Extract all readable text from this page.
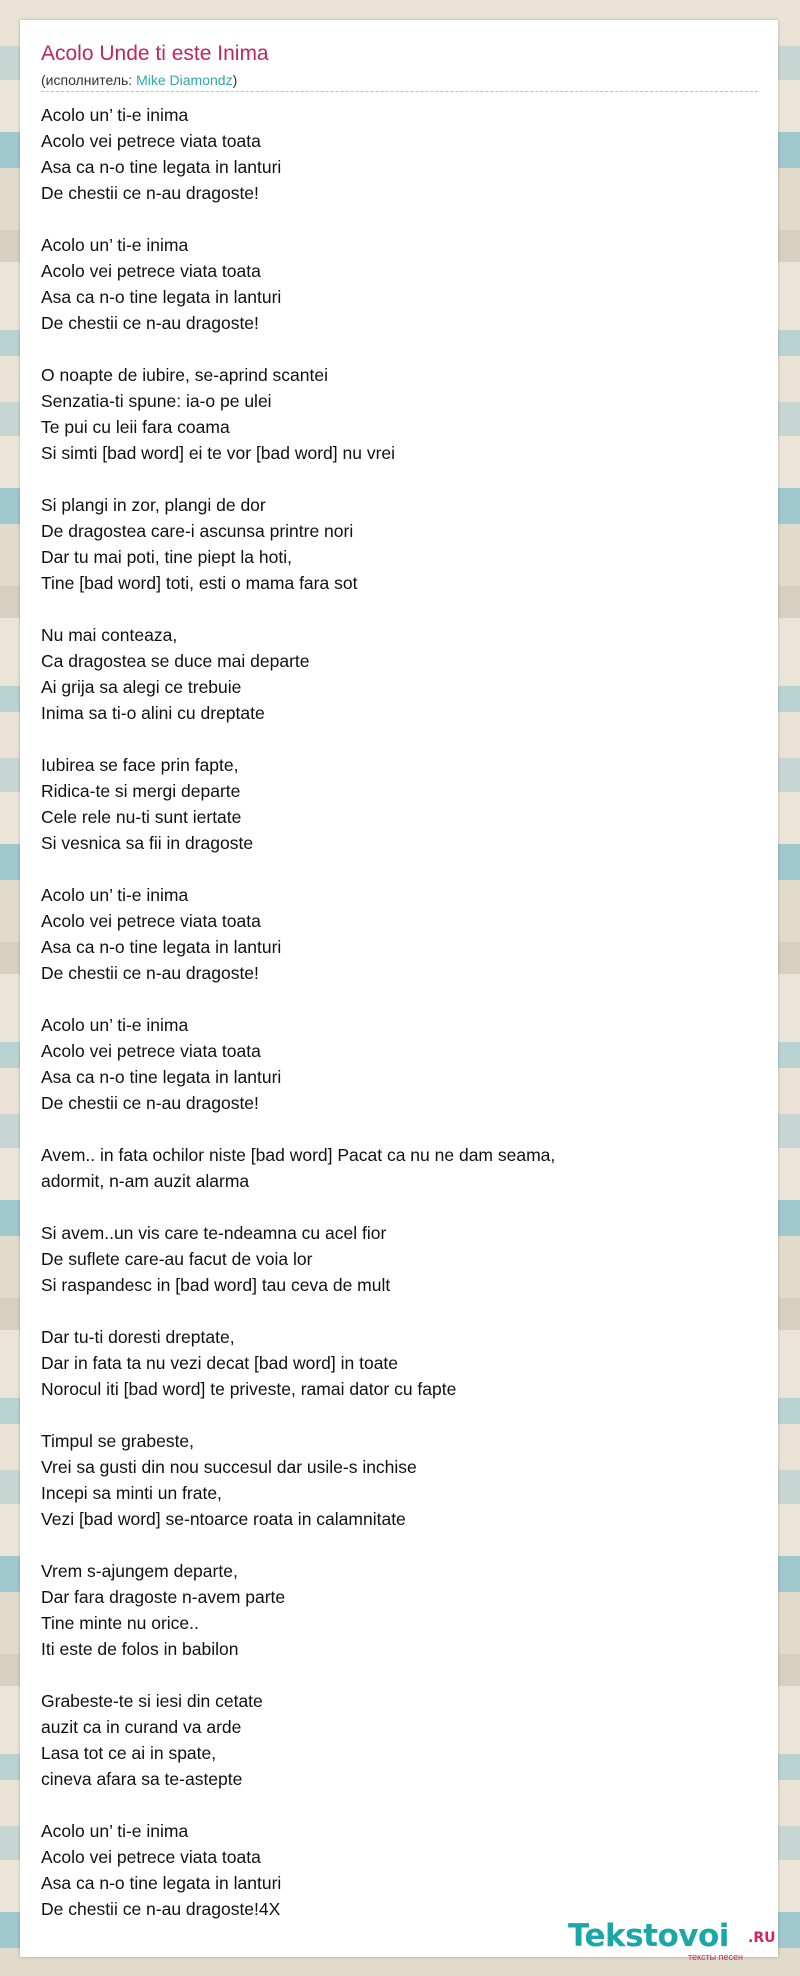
Acolo Unde ti este Inima
(исполнитель: Mike Diamondz)
Acolo un’ ti-e inima
Acolo vei petrece viata toata
Asa ca n-o tine legata in lanturi
De chestii ce n-au dragoste!
Acolo un’ ti-e inima
Acolo vei petrece viata toata
Asa ca n-o tine legata in lanturi
De chestii ce n-au dragoste!
O noapte de iubire, se-aprind scantei
Senzatia-ti spune: ia-o pe ulei
Te pui cu leii fara coama
Si simti [bad word] ei te vor [bad word] nu vrei
Si plangi in zor, plangi de dor
De dragostea care-i ascunsa printre nori
Dar tu mai poti, tine piept la hoti,
Tine [bad word] toti, esti o mama fara sot
Nu mai conteaza,
Ca dragostea se duce mai departe
Ai grija sa alegi ce trebuie
Inima sa ti-o alini cu dreptate
Iubirea se face prin fapte,
Ridica-te si mergi departe
Cele rele nu-ti sunt iertate
Si vesnica sa fii in dragoste
Acolo un’ ti-e inima
Acolo vei petrece viata toata
Asa ca n-o tine legata in lanturi
De chestii ce n-au dragoste!
Acolo un’ ti-e inima
Acolo vei petrece viata toata
Asa ca n-o tine legata in lanturi
De chestii ce n-au dragoste!
Avem.. in fata ochilor niste [bad word] Pacat ca nu ne dam seama,
adormit, n-am auzit alarma
Si avem..un vis care te-ndeamna cu acel fior
De suflete care-au facut de voia lor
Si raspandesc in [bad word] tau ceva de mult
Dar tu-ti doresti dreptate,
Dar in fata ta nu vezi decat [bad word] in toate
Norocul iti [bad word] te priveste, ramai dator cu fapte
Timpul se grabeste,
Vrei sa gusti din nou succesul dar usile-s inchise
Incepi sa minti un frate,
Vezi [bad word] se-ntoarce roata in calamnitate
Vrem s-ajungem departe,
Dar fara dragoste n-avem parte
Tine minte nu orice..
Iti este de folos in babilon
Grabeste-te si iesi din cetate
auzit ca in curand va arde
Lasa tot ce ai in spate,
cineva afara sa te-astepte
Acolo un’ ti-e inima
Acolo vei petrece viata toata
Asa ca n-o tine legata in lanturi
De chestii ce n-au dragoste!4X
Tekstovoi .RU
тексты песен
